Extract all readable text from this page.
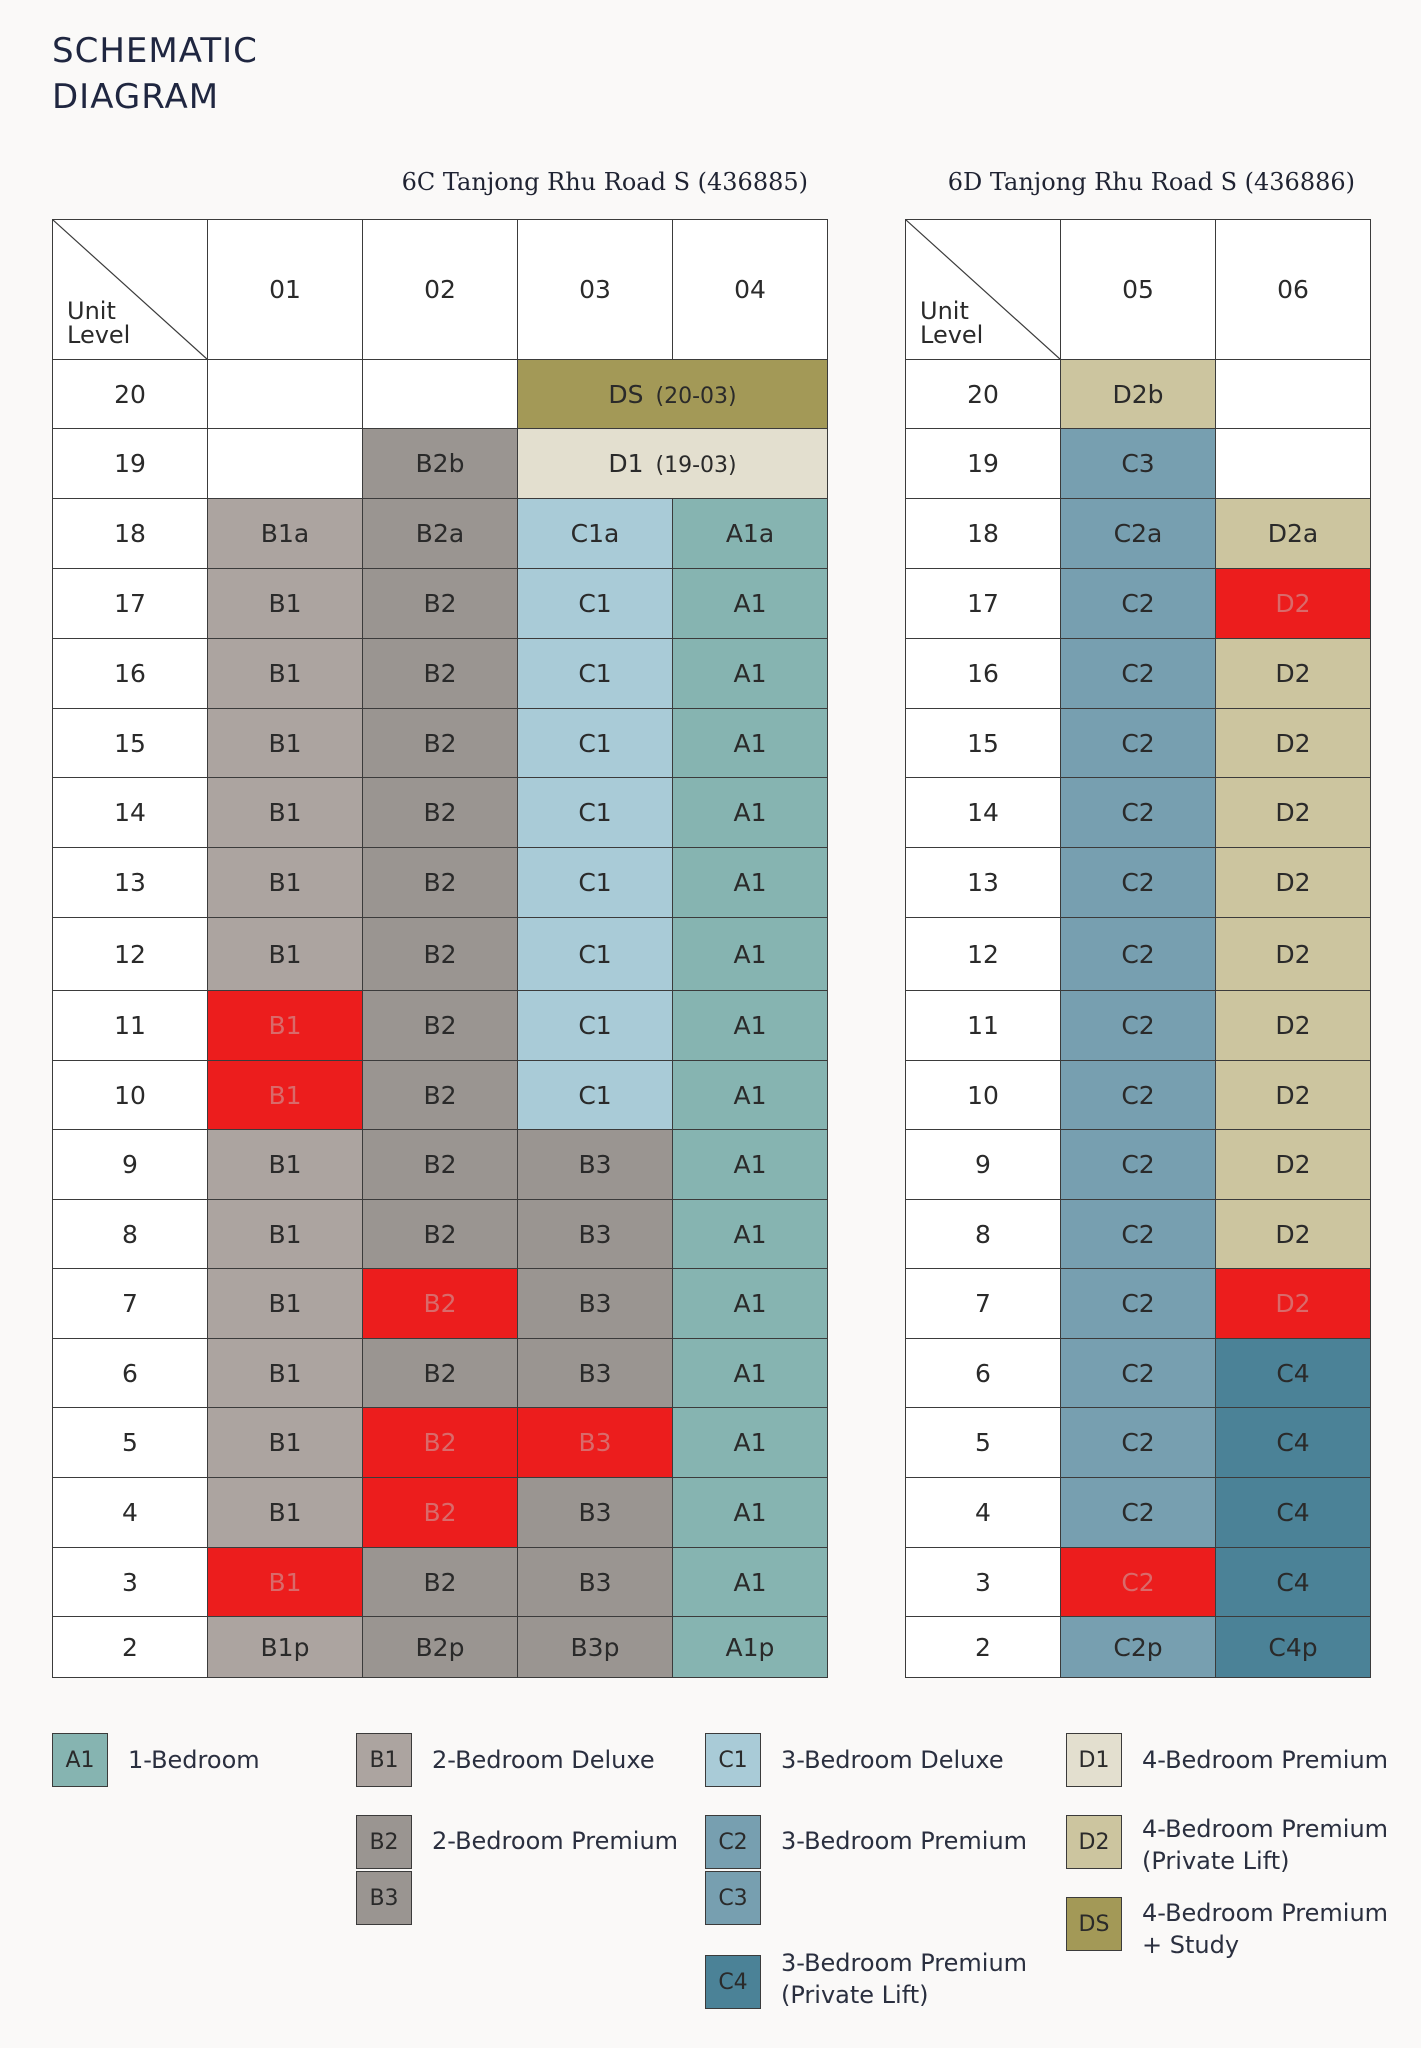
SCHEMATIC
DIAGRAM
6C Tanjong Rhu Road S (436885)	6D Tanjong Rhu Road S (436886)
Unit
Level	01	02	03	04
20			DS (20-03)	
19		B2b	D1 (19-03)	
18	B1a	B2a	C1a	A1a
17	B1	B2	C1	A1
16	B1	B2	C1	A1
15	B1	B2	C1	A1
14	B1	B2	C1	A1
13	B1	B2	C1	A1
12	B1	B2	C1	A1
11	B1	B2	C1	A1
10	B1	B2	C1	A1
9	B1	B2	B3	A1
8	B1	B2	B3	A1
7	B1	B2	B3	A1
6	B1	B2	B3	A1
5	B1	B2	B3	A1
4	B1	B2	B3	A1
3	B1	B2	B3	A1
2	B1p	B2p	B3p	A1p
Unit
Level	05	06
20	D2b	
19	C3	
18	C2a	D2a
17	C2	D2
16	C2	D2
15	C2	D2
14	C2	D2
13	C2	D2
12	C2	D2
11	C2	D2
10	C2	D2
9	C2	D2
8	C2	D2
7	C2	D2
6	C2	C4
5	C2	C4
4	C2	C4
3	C2	C4
2	C2p	C4p
A1	1-Bedroom	B1	2-Bedroom Deluxe
B2
B3
2-Bedroom Premium
C1	3-Bedroom Deluxe
C2
C3
3-Bedroom Premium
C4
3-Bedroom Premium
(Private Lift)
D1	4-Bedroom Premium
D2	4-Bedroom Premium
(Private Lift)
DS	4-Bedroom Premium
+ Study
